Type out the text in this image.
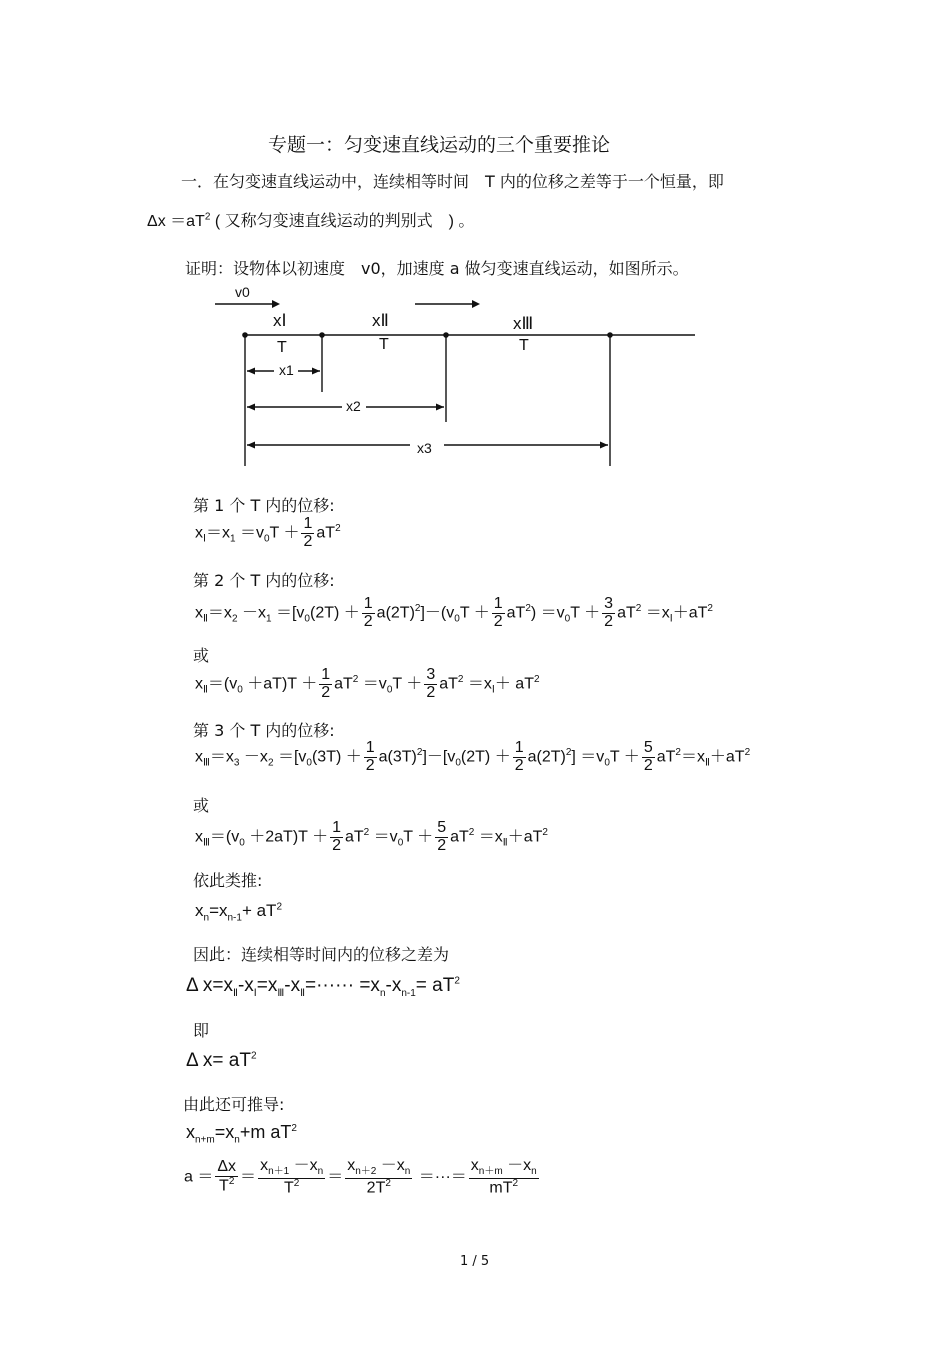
专题一：匀变速直线运动的三个重要推论
一．在匀变速直线运动中，连续相等时间　T 内的位移之差等于一个恒量，即
$\Delta x =aT^2$ ( 又称匀变速直线运动的判别式　) 。
证明：设物体以初速度　v0，加速度 a 做匀变速直线运动，如图所示。
v0
xⅠ	xⅡ	xⅢ
T	T	T
x1
x2
x3
第 1 个 T 内的位移:
$x_Ⅰ=x_1 =v_0T + \frac{1}{2} aT^2$
第 2 个 T 内的位移:
$x_Ⅱ=x_2 -x_1 =[v_0(2T) + \frac{1}{2} a(2T)^2]-(v_0T + \frac{1}{2} aT^2) =v_0T + \frac{3}{2} aT^2 =x_Ⅰ+aT^2$
或
$x_Ⅱ=(v_0 +aT)T + \frac{1}{2} aT^2 =v_0T + \frac{3}{2} aT^2 =x_Ⅰ+ aT^2$
第 3 个 T 内的位移:
$x_Ⅲ=x_3 -x_2 =[v_0(3T) + \frac{1}{2} a(3T)^2]-[v_0(2T) + \frac{1}{2} a(2T)^2] =v_0T + \frac{5}{2} aT^2=x_Ⅱ+aT^2$
或
$x_Ⅲ=(v_0 +2aT)T + \frac{1}{2} aT^2 =v_0T + \frac{5}{2} aT^2 =x_Ⅱ+aT^2$
依此类推:
$x_n=x_{n-1}+ aT^2$
因此：连续相等时间内的位移之差为
Δ $x=x_Ⅱ-x_Ⅰ=x_Ⅲ-x_Ⅱ=\cdot\cdot\cdot\cdot\cdot\cdot =x_n-x_{n-1}= aT^2$
即
Δ $x= aT^2$
由此还可推导:
$x_{n+m}=x_n+m$ $aT^2$
$a = \frac{\Delta x}{T^2} = \frac{x_{n+1} -x_n}{T^2} = \frac{x_{n+2} -x_n}{2T^2}$ ＝···＝ $\frac{x_{n+m} -x_n}{mT^2}$
1 / 5
